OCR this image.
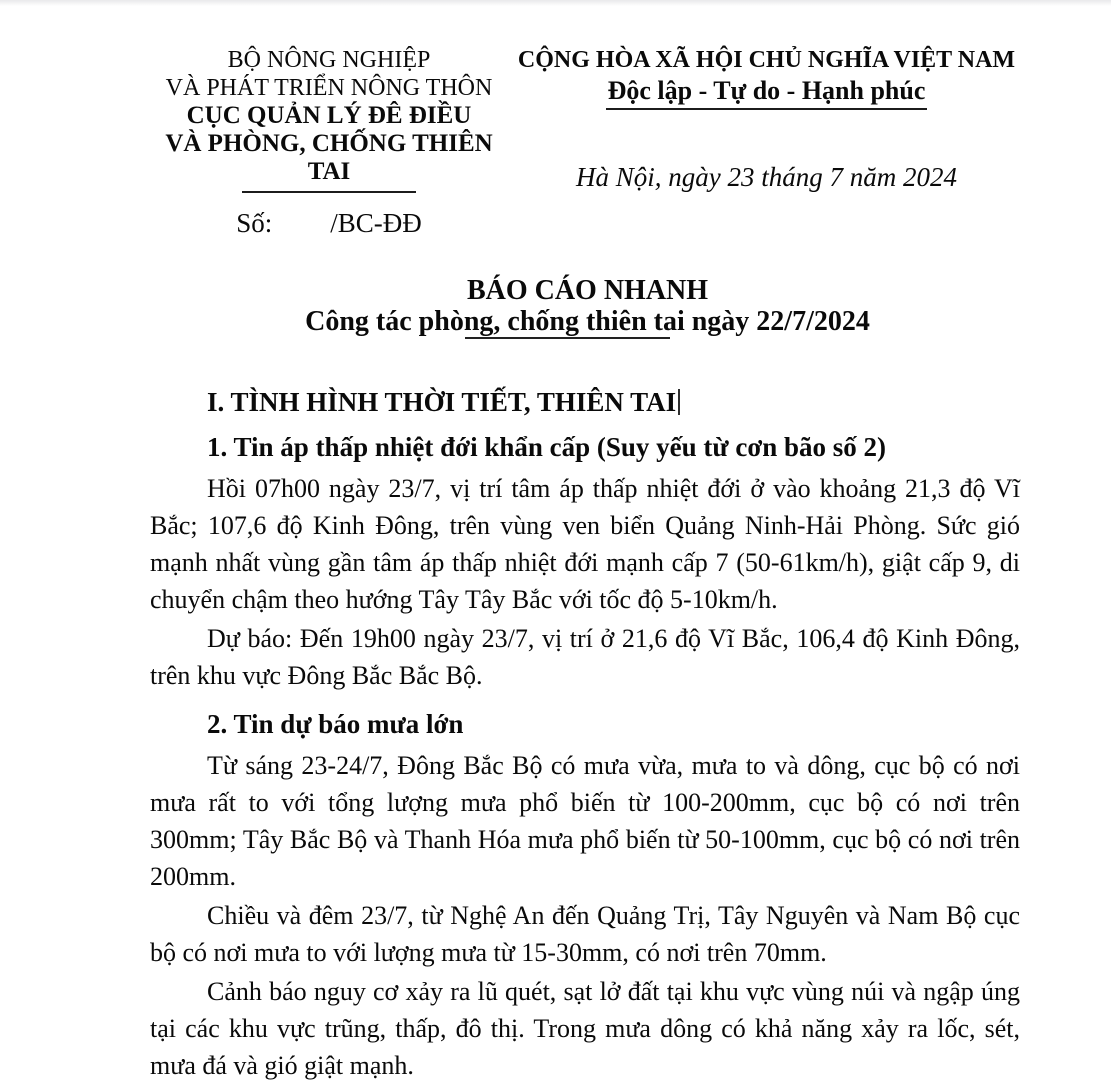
BỘ NÔNG NGHIỆP
VÀ PHÁT TRIỂN NÔNG THÔN
CỤC QUẢN LÝ ĐÊ ĐIỀU
VÀ PHÒNG, CHỐNG THIÊN TAI
Số: /BC-ĐĐ
CỘNG HÒA XÃ HỘI CHỦ NGHĨA VIỆT NAM
Độc lập - Tự do - Hạnh phúc
Hà Nội, ngày 23 tháng 7 năm 2024
BÁO CÁO NHANH
Công tác phòng, chống thiên tai ngày 22/7/2024
I. TÌNH HÌNH THỜI TIẾT, THIÊN TAI
1. Tin áp thấp nhiệt đới khẩn cấp (Suy yếu từ cơn bão số 2)

Hồi 07h00 ngày 23/7, vị trí tâm áp thấp nhiệt đới ở vào khoảng 21,3 độ Vĩ Bắc; 107,6 độ Kinh Đông, trên vùng ven biển Quảng Ninh-Hải Phòng. Sức gió mạnh nhất vùng gần tâm áp thấp nhiệt đới mạnh cấp 7 (50-61km/h), giật cấp 9, di chuyển chậm theo hướng Tây Tây Bắc với tốc độ 5-10km/h.

Dự báo: Đến 19h00 ngày 23/7, vị trí ở 21,6 độ Vĩ Bắc, 106,4 độ Kinh Đông, trên khu vực Đông Bắc Bắc Bộ.

2. Tin dự báo mưa lớn

Từ sáng 23-24/7, Đông Bắc Bộ có mưa vừa, mưa to và dông, cục bộ có nơi mưa rất to với tổng lượng mưa phổ biến từ 100-200mm, cục bộ có nơi trên 300mm; Tây Bắc Bộ và Thanh Hóa mưa phổ biến từ 50-100mm, cục bộ có nơi trên 200mm.

Chiều và đêm 23/7, từ Nghệ An đến Quảng Trị, Tây Nguyên và Nam Bộ cục bộ có nơi mưa to với lượng mưa từ 15-30mm, có nơi trên 70mm.

Cảnh báo nguy cơ xảy ra lũ quét, sạt lở đất tại khu vực vùng núi và ngập úng tại các khu vực trũng, thấp, đô thị. Trong mưa dông có khả năng xảy ra lốc, sét, mưa đá và gió giật mạnh.
